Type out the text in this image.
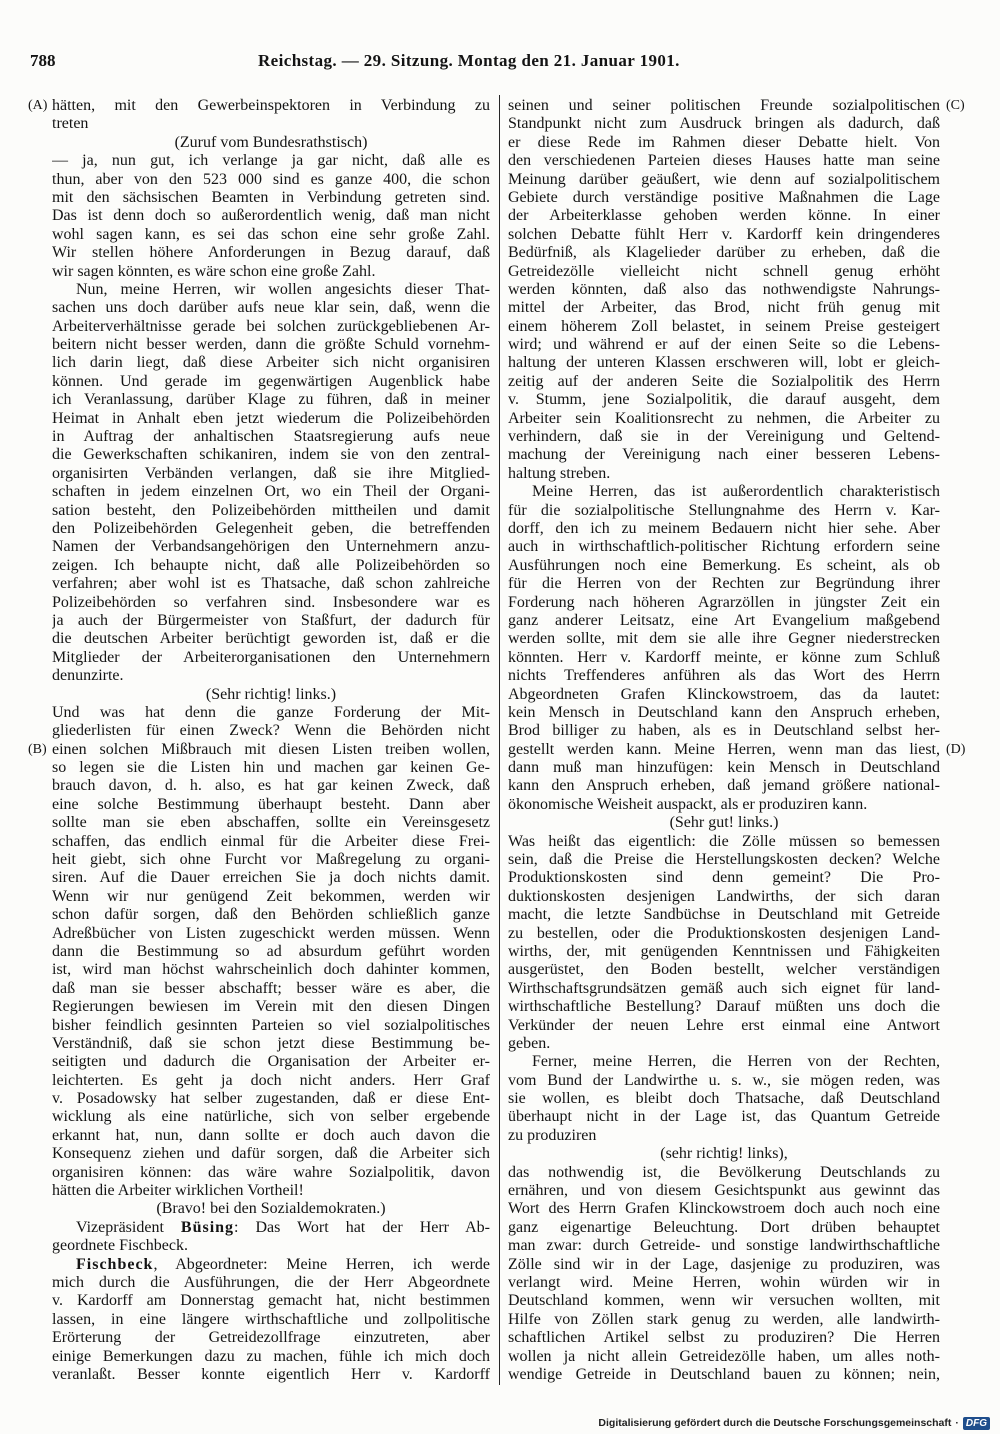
788	Reichstag. — 29. Sitzung. Montag den 21. Januar 1901.
(A)
(B)
(C)
(D)
hätten, mit den Gewerbeinspektoren in Verbindung zu
treten
(Zuruf vom Bundesrathstisch)
— ja, nun gut, ich verlange ja gar nicht, daß alle es
thun, aber von den 523 000 sind es ganze 400, die schon
mit den sächsischen Beamten in Verbindung getreten sind.
Das ist denn doch so außerordentlich wenig, daß man nicht
wohl sagen kann, es sei das schon eine sehr große Zahl.
Wir stellen höhere Anforderungen in Bezug darauf, daß
wir sagen könnten, es wäre schon eine große Zahl.
Nun, meine Herren, wir wollen angesichts dieser That-
sachen uns doch darüber aufs neue klar sein, daß, wenn die
Arbeiterverhältnisse gerade bei solchen zurückgebliebenen Ar-
beitern nicht besser werden, dann die größte Schuld vornehm-
lich darin liegt, daß diese Arbeiter sich nicht organisiren
können. Und gerade im gegenwärtigen Augenblick habe
ich Veranlassung, darüber Klage zu führen, daß in meiner
Heimat in Anhalt eben jetzt wiederum die Polizeibehörden
in Auftrag der anhaltischen Staatsregierung aufs neue
die Gewerkschaften schikaniren, indem sie von den zentral-
organisirten Verbänden verlangen, daß sie ihre Mitglied-
schaften in jedem einzelnen Ort, wo ein Theil der Organi-
sation besteht, den Polizeibehörden mittheilen und damit
den Polizeibehörden Gelegenheit geben, die betreffenden
Namen der Verbandsangehörigen den Unternehmern anzu-
zeigen. Ich behaupte nicht, daß alle Polizeibehörden so
verfahren; aber wohl ist es Thatsache, daß schon zahlreiche
Polizeibehörden so verfahren sind. Insbesondere war es
ja auch der Bürgermeister von Staßfurt, der dadurch für
die deutschen Arbeiter berüchtigt geworden ist, daß er die
Mitglieder der Arbeiterorganisationen den Unternehmern
denunzirte.
(Sehr richtig! links.)
Und was hat denn die ganze Forderung der Mit-
gliederlisten für einen Zweck? Wenn die Behörden nicht
einen solchen Mißbrauch mit diesen Listen treiben wollen,
so legen sie die Listen hin und machen gar keinen Ge-
brauch davon, d. h. also, es hat gar keinen Zweck, daß
eine solche Bestimmung überhaupt besteht. Dann aber
sollte man sie eben abschaffen, sollte ein Vereinsgesetz
schaffen, das endlich einmal für die Arbeiter diese Frei-
heit giebt, sich ohne Furcht vor Maßregelung zu organi-
siren. Auf die Dauer erreichen Sie ja doch nichts damit.
Wenn wir nur genügend Zeit bekommen, werden wir
schon dafür sorgen, daß den Behörden schließlich ganze
Adreßbücher von Listen zugeschickt werden müssen. Wenn
dann die Bestimmung so ad absurdum geführt worden
ist, wird man höchst wahrscheinlich doch dahinter kommen,
daß man sie besser abschafft; besser wäre es aber, die
Regierungen bewiesen im Verein mit den diesen Dingen
bisher feindlich gesinnten Parteien so viel sozialpolitisches
Verständniß, daß sie schon jetzt diese Bestimmung be-
seitigten und dadurch die Organisation der Arbeiter er-
leichterten. Es geht ja doch nicht anders. Herr Graf
v. Posadowsky hat selber zugestanden, daß er diese Ent-
wicklung als eine natürliche, sich von selber ergebende
erkannt hat, nun, dann sollte er doch auch davon die
Konsequenz ziehen und dafür sorgen, daß die Arbeiter sich
organisiren können: das wäre wahre Sozialpolitik, davon
hätten die Arbeiter wirklichen Vortheil!
(Bravo! bei den Sozialdemokraten.)
Vizepräsident Büsing: Das Wort hat der Herr Ab-
geordnete Fischbeck.
Fischbeck, Abgeordneter: Meine Herren, ich werde
mich durch die Ausführungen, die der Herr Abgeordnete
v. Kardorff am Donnerstag gemacht hat, nicht bestimmen
lassen, in eine längere wirthschaftliche und zollpolitische
Erörterung der Getreidezollfrage einzutreten, aber
einige Bemerkungen dazu zu machen, fühle ich mich doch
veranlaßt. Besser konnte eigentlich Herr v. Kardorff
seinen und seiner politischen Freunde sozialpolitischen
Standpunkt nicht zum Ausdruck bringen als dadurch, daß
er diese Rede im Rahmen dieser Debatte hielt. Von
den verschiedenen Parteien dieses Hauses hatte man seine
Meinung darüber geäußert, wie denn auf sozialpolitischem
Gebiete durch verständige positive Maßnahmen die Lage
der Arbeiterklasse gehoben werden könne. In einer
solchen Debatte fühlt Herr v. Kardorff kein dringenderes
Bedürfniß, als Klagelieder darüber zu erheben, daß die
Getreidezölle vielleicht nicht schnell genug erhöht
werden könnten, daß also das nothwendigste Nahrungs-
mittel der Arbeiter, das Brod, nicht früh genug mit
einem höherem Zoll belastet, in seinem Preise gesteigert
wird; und während er auf der einen Seite so die Lebens-
haltung der unteren Klassen erschweren will, lobt er gleich-
zeitig auf der anderen Seite die Sozialpolitik des Herrn
v. Stumm, jene Sozialpolitik, die darauf ausgeht, dem
Arbeiter sein Koalitionsrecht zu nehmen, die Arbeiter zu
verhindern, daß sie in der Vereinigung und Geltend-
machung der Vereinigung nach einer besseren Lebens-
haltung streben.
Meine Herren, das ist außerordentlich charakteristisch
für die sozialpolitische Stellungnahme des Herrn v. Kar-
dorff, den ich zu meinem Bedauern nicht hier sehe. Aber
auch in wirthschaftlich-politischer Richtung erfordern seine
Ausführungen noch eine Bemerkung. Es scheint, als ob
für die Herren von der Rechten zur Begründung ihrer
Forderung nach höheren Agrarzöllen in jüngster Zeit ein
ganz anderer Leitsatz, eine Art Evangelium maßgebend
werden sollte, mit dem sie alle ihre Gegner niederstrecken
könnten. Herr v. Kardorff meinte, er könne zum Schluß
nichts Treffenderes anführen als das Wort des Herrn
Abgeordneten Grafen Klinckowstroem, das da lautet:
kein Mensch in Deutschland kann den Anspruch erheben,
Brod billiger zu haben, als es in Deutschland selbst her-
gestellt werden kann. Meine Herren, wenn man das liest,
dann muß man hinzufügen: kein Mensch in Deutschland
kann den Anspruch erheben, daß jemand größere national-
ökonomische Weisheit auspackt, als er produziren kann.
(Sehr gut! links.)
Was heißt das eigentlich: die Zölle müssen so bemessen
sein, daß die Preise die Herstellungskosten decken? Welche
Produktionskosten sind denn gemeint? Die Pro-
duktionskosten desjenigen Landwirths, der sich daran
macht, die letzte Sandbüchse in Deutschland mit Getreide
zu bestellen, oder die Produktionskosten desjenigen Land-
wirths, der, mit genügenden Kenntnissen und Fähigkeiten
ausgerüstet, den Boden bestellt, welcher verständigen
Wirthschaftsgrundsätzen gemäß auch sich eignet für land-
wirthschaftliche Bestellung? Darauf müßten uns doch die
Verkünder der neuen Lehre erst einmal eine Antwort
geben.
Ferner, meine Herren, die Herren von der Rechten,
vom Bund der Landwirthe u. s. w., sie mögen reden, was
sie wollen, es bleibt doch Thatsache, daß Deutschland
überhaupt nicht in der Lage ist, das Quantum Getreide
zu produziren
(sehr richtig! links),
das nothwendig ist, die Bevölkerung Deutschlands zu
ernähren, und von diesem Gesichtspunkt aus gewinnt das
Wort des Herrn Grafen Klinckowstroem doch auch noch eine
ganz eigenartige Beleuchtung. Dort drüben behauptet
man zwar: durch Getreide- und sonstige landwirthschaftliche
Zölle sind wir in der Lage, dasjenige zu produziren, was
verlangt wird. Meine Herren, wohin würden wir in
Deutschland kommen, wenn wir versuchen wollten, mit
Hilfe von Zöllen stark genug zu werden, alle landwirth-
schaftlichen Artikel selbst zu produziren? Die Herren
wollen ja nicht allein Getreidezölle haben, um alles noth-
wendige Getreide in Deutschland bauen zu können; nein,
Digitalisierung gefördert durch die Deutsche Forschungsgemeinschaft · DFG
